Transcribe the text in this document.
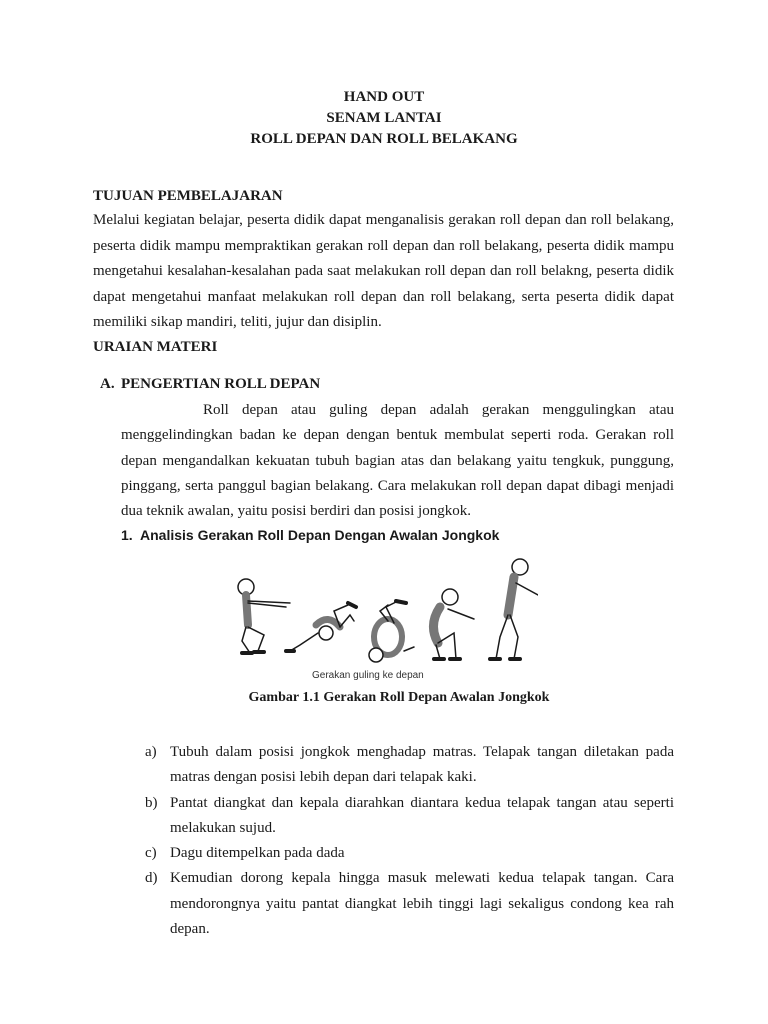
HAND OUT
SENAM LANTAI
ROLL DEPAN DAN ROLL BELAKANG
TUJUAN PEMBELAJARAN
Melalui kegiatan belajar, peserta didik dapat menganalisis gerakan roll depan dan roll belakang, peserta didik mampu mempraktikan gerakan roll depan dan roll belakang, peserta didik mampu mengetahui kesalahan-kesalahan pada saat melakukan roll depan dan roll belakng, peserta didik dapat mengetahui manfaat melakukan roll depan dan roll belakang, serta peserta didik dapat memiliki sikap mandiri, teliti, jujur dan disiplin.
URAIAN MATERI
A. PENGERTIAN ROLL DEPAN
Roll depan atau guling depan adalah gerakan menggulingkan atau menggelindingkan badan ke depan dengan bentuk membulat seperti roda. Gerakan roll depan mengandalkan kekuatan tubuh bagian atas dan belakang yaitu tengkuk, punggung, pinggang, serta panggul bagian belakang. Cara melakukan roll depan dapat dibagi menjadi dua teknik awalan, yaitu posisi berdiri dan posisi jongkok.
1. Analisis Gerakan Roll Depan Dengan Awalan Jongkok
Gerakan guling ke depan
Gambar 1.1 Gerakan Roll Depan Awalan Jongkok
a) Tubuh dalam posisi jongkok menghadap matras. Telapak tangan diletakan pada matras dengan posisi lebih depan dari telapak kaki.
b) Pantat diangkat dan kepala diarahkan diantara kedua telapak tangan atau seperti melakukan sujud.
c) Dagu ditempelkan pada dada
d) Kemudian dorong kepala hingga masuk melewati kedua telapak tangan. Cara mendorongnya yaitu pantat diangkat lebih tinggi lagi sekaligus condong kea rah depan.
